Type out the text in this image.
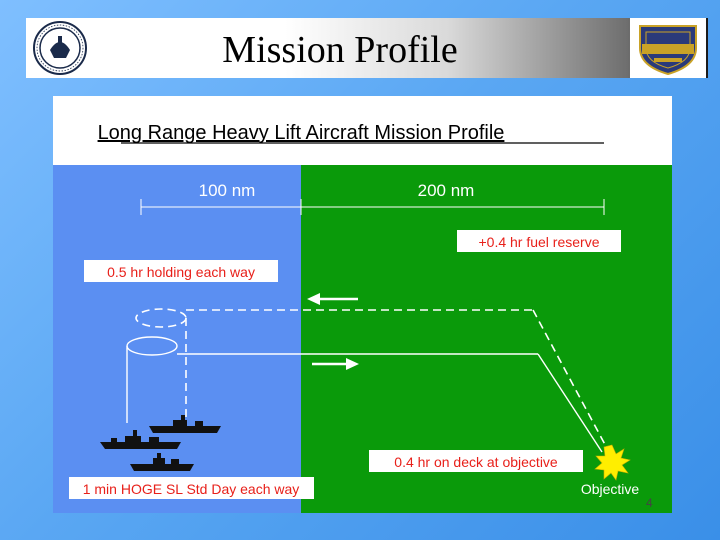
Mission Profile
Long Range Heavy Lift Aircraft Mission Profile
100 nm	200 nm
+0.4 hr fuel reserve
0.5 hr holding each way
0.4 hr on deck at objective
1 min HOGE SL Std Day each way	Objective
4
